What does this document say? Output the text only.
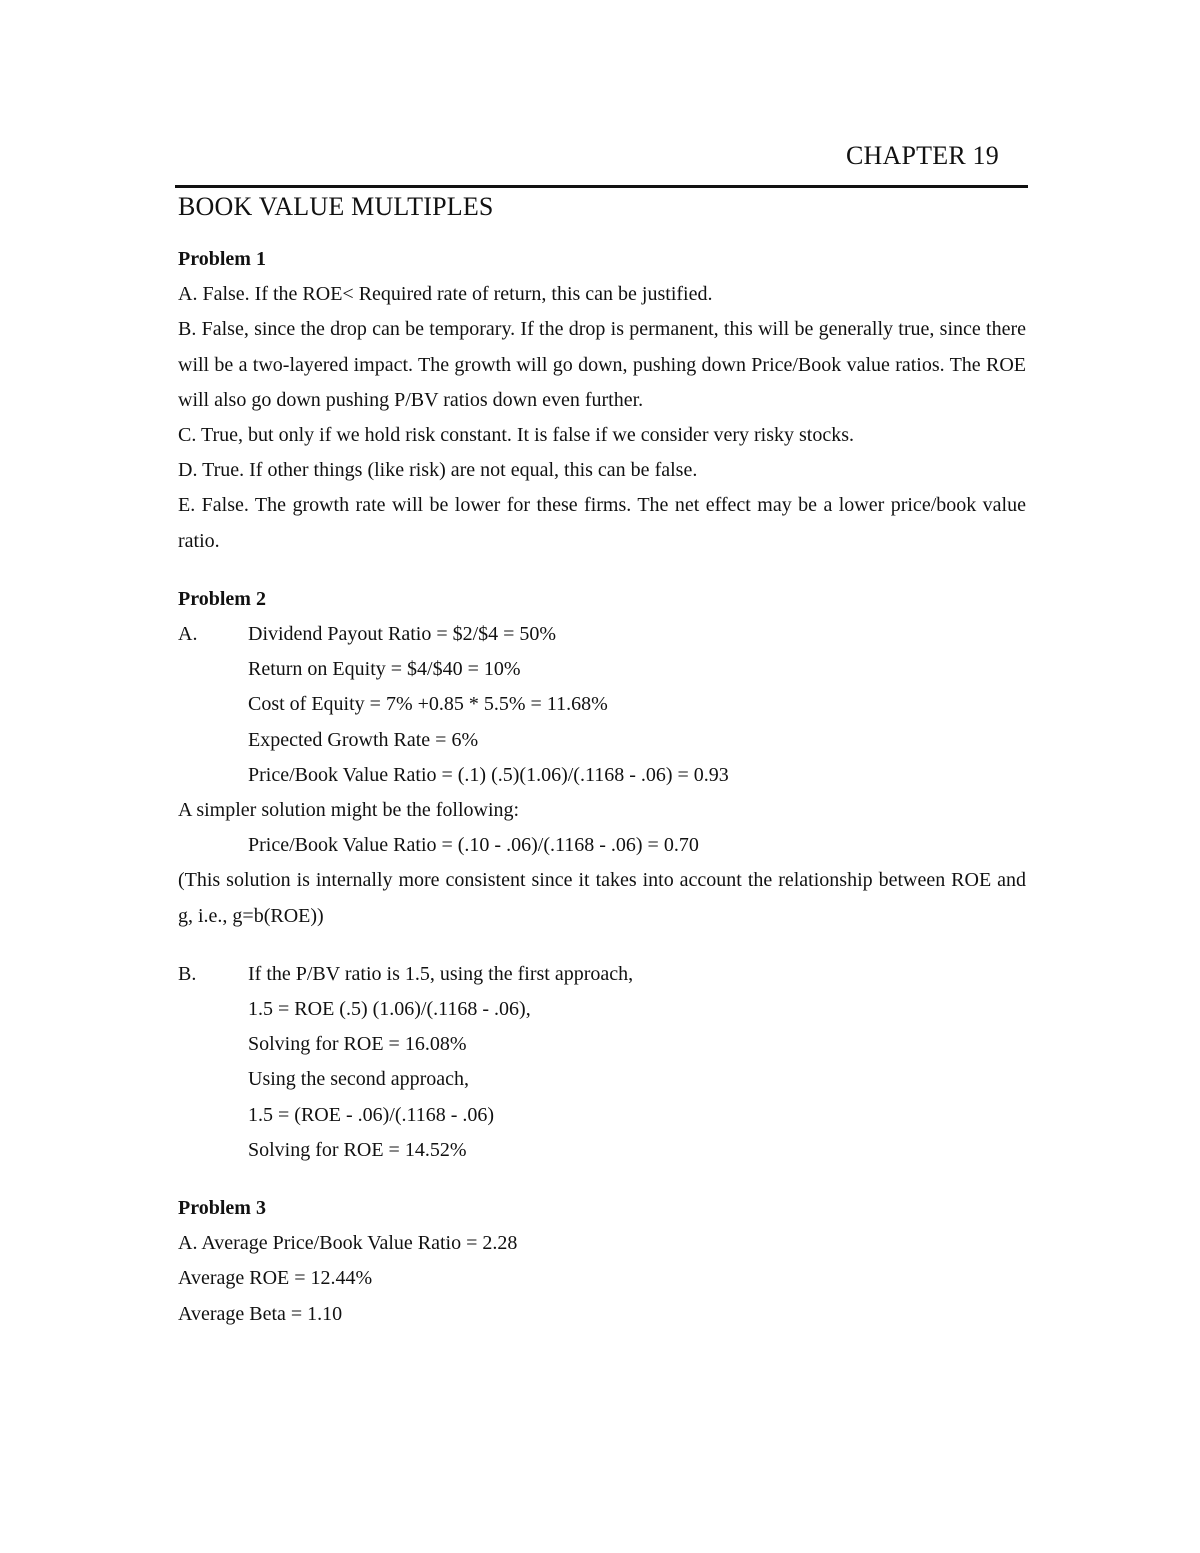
CHAPTER 19
BOOK VALUE MULTIPLES

Problem 1

A. False. If the ROE< Required rate of return, this can be justified.

B. False, since the drop can be temporary. If the drop is permanent, this will be generally true, since there will be a two-layered impact. The growth will go down, pushing down Price/Book value ratios. The ROE will also go down pushing P/BV ratios down even further.

C. True, but only if we hold risk constant. It is false if we consider very risky stocks.

D. True. If other things (like risk) are not equal, this can be false.

E. False. The growth rate will be lower for these firms. The net effect may be a lower price/book value ratio.

Problem 2

A.	Dividend Payout Ratio = $2/$4 = 50%

Return on Equity = $4/$40 = 10%

Cost of Equity = 7% +0.85 * 5.5% = 11.68%

Expected Growth Rate = 6%

Price/Book Value Ratio = (.1) (.5)(1.06)/(.1168 - .06) = 0.93

A simpler solution might be the following:

Price/Book Value Ratio = (.10 - .06)/(.1168 - .06) = 0.70

(This solution is internally more consistent since it takes into account the relationship between ROE and g, i.e., g=b(ROE))

B.	If the P/BV ratio is 1.5, using the first approach,

1.5 = ROE (.5) (1.06)/(.1168 - .06),

Solving for ROE = 16.08%

Using the second approach,

1.5 = (ROE - .06)/(.1168 - .06)

Solving for ROE = 14.52%

Problem 3

A. Average Price/Book Value Ratio = 2.28

Average ROE = 12.44%

Average Beta = 1.10
